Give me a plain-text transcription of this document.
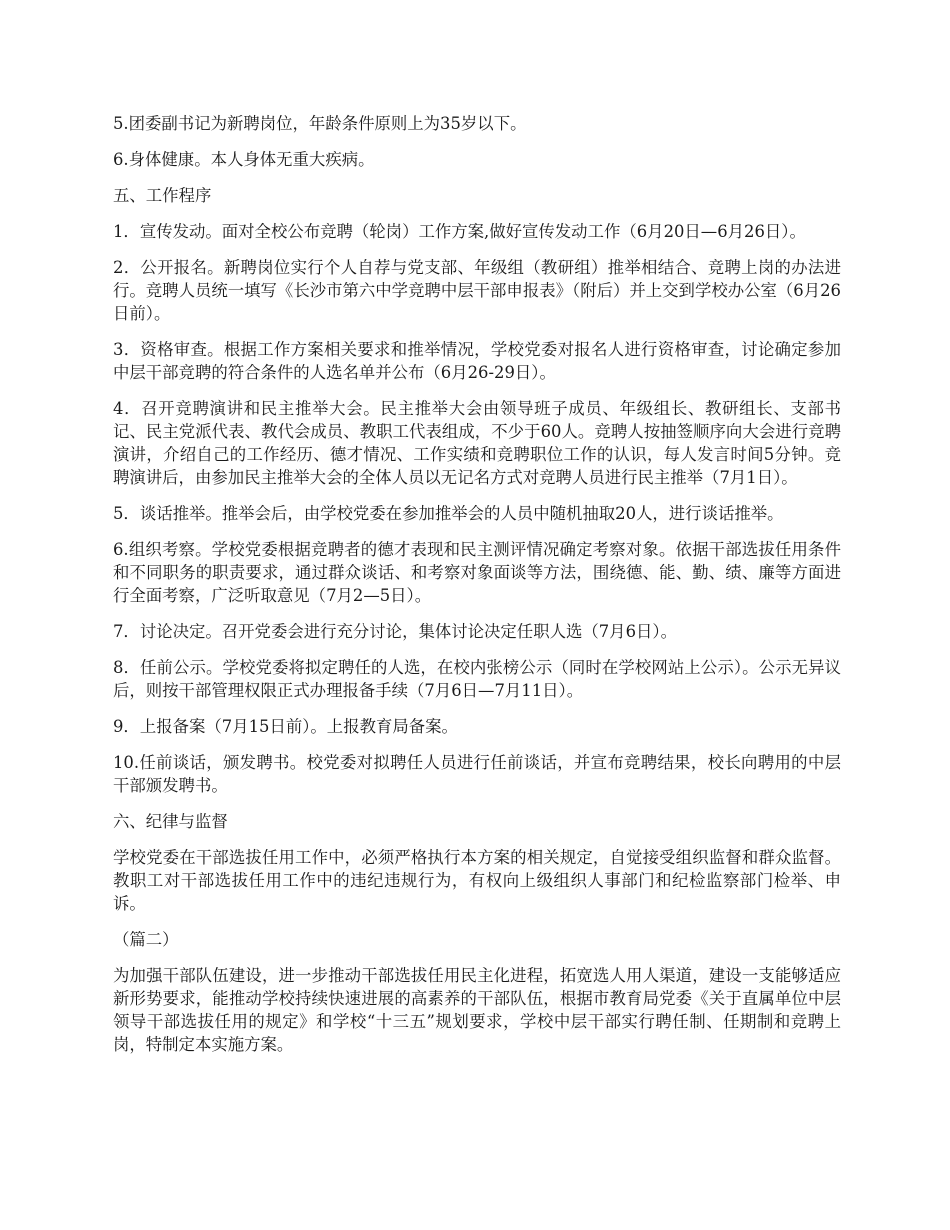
5.团委副书记为新聘岗位，年龄条件原则上为35岁以下。

6.身体健康。本人身体无重大疾病。

五、工作程序

1．宣传发动。面对全校公布竞聘（轮岗）工作方案,做好宣传发动工作（6月20日—6月26日）。

2．公开报名。新聘岗位实行个人自荐与党支部、年级组（教研组）推举相结合、竞聘上岗的办法进行。竞聘人员统一填写《长沙市第六中学竞聘中层干部申报表》（附后）并上交到学校办公室（6月26日前）。

3．资格审查。根据工作方案相关要求和推举情况，学校党委对报名人进行资格审查，讨论确定参加中层干部竞聘的符合条件的人选名单并公布（6月26-29日）。

4．召开竞聘演讲和民主推举大会。民主推举大会由领导班子成员、年级组长、教研组长、支部书记、民主党派代表、教代会成员、教职工代表组成，不少于60人。竞聘人按抽签顺序向大会进行竞聘演讲，介绍自己的工作经历、德才情况、工作实绩和竞聘职位工作的认识，每人发言时间5分钟。竞聘演讲后，由参加民主推举大会的全体人员以无记名方式对竞聘人员进行民主推举（7月1日）。

5．谈话推举。推举会后，由学校党委在参加推举会的人员中随机抽取20人，进行谈话推举。

6.组织考察。学校党委根据竞聘者的德才表现和民主测评情况确定考察对象。依据干部选拔任用条件和不同职务的职责要求，通过群众谈话、和考察对象面谈等方法，围绕德、能、勤、绩、廉等方面进行全面考察，广泛听取意见（7月2—5日）。

7．讨论决定。召开党委会进行充分讨论，集体讨论决定任职人选（7月6日）。

8．任前公示。学校党委将拟定聘任的人选，在校内张榜公示（同时在学校网站上公示）。公示无异议后，则按干部管理权限正式办理报备手续（7月6日—7月11日）。

9．上报备案（7月15日前）。上报教育局备案。

10.任前谈话，颁发聘书。校党委对拟聘任人员进行任前谈话，并宣布竞聘结果，校长向聘用的中层干部颁发聘书。

六、纪律与监督

学校党委在干部选拔任用工作中，必须严格执行本方案的相关规定，自觉接受组织监督和群众监督。教职工对干部选拔任用工作中的违纪违规行为，有权向上级组织人事部门和纪检监察部门检举、申诉。

（篇二）

为加强干部队伍建设，进一步推动干部选拔任用民主化进程，拓宽选人用人渠道，建设一支能够适应新形势要求，能推动学校持续快速进展的高素养的干部队伍，根据市教育局党委《关于直属单位中层领导干部选拔任用的规定》和学校“十三五”规划要求，学校中层干部实行聘任制、任期制和竞聘上岗，特制定本实施方案。
